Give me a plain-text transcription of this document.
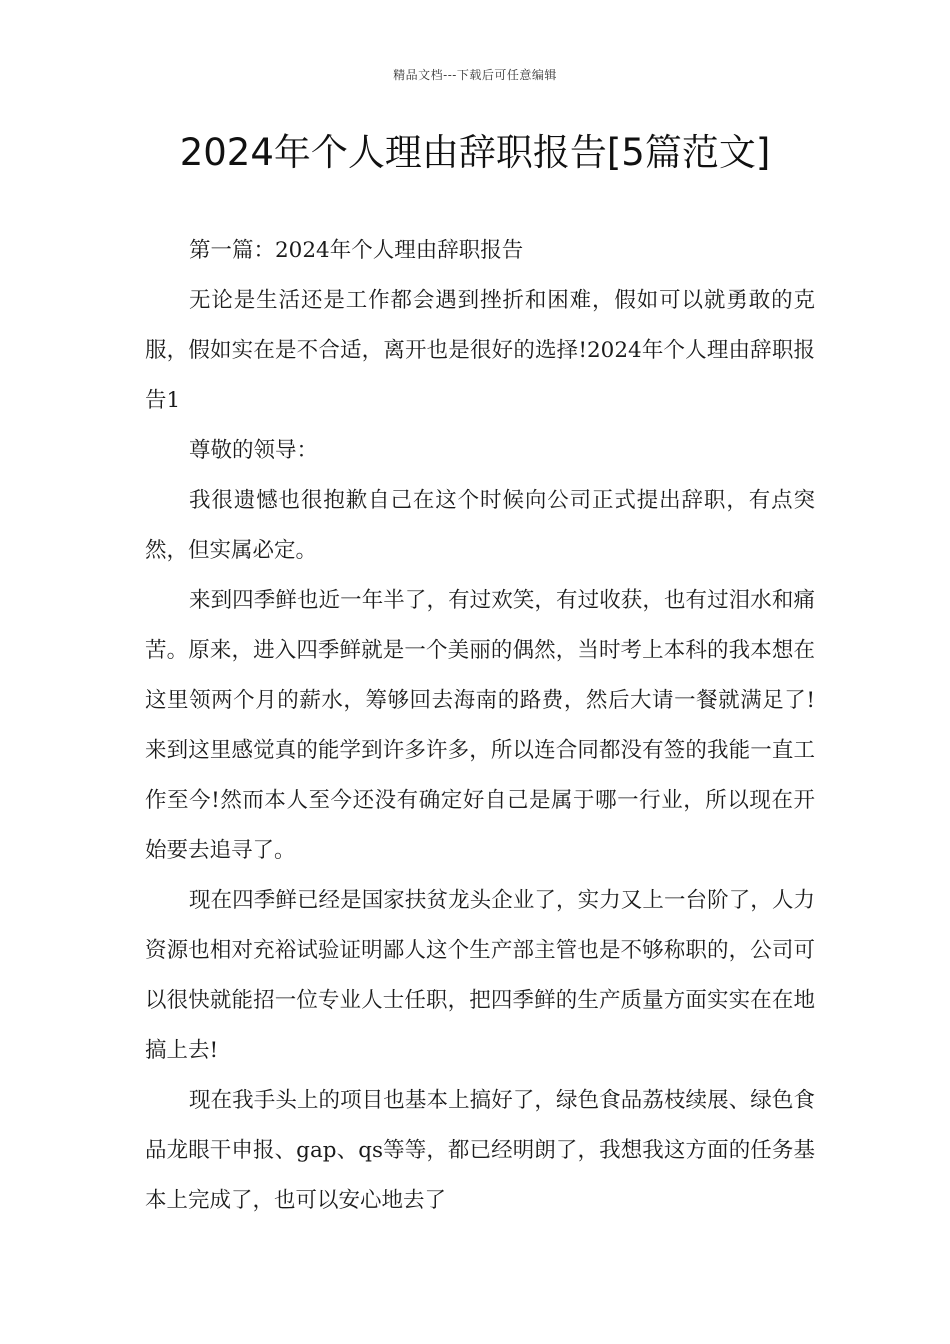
精品文档---下载后可任意编辑
2024年个人理由辞职报告[5篇范文]

第一篇：2024年个人理由辞职报告

无论是生活还是工作都会遇到挫折和困难，假如可以就勇敢的克服，假如实在是不合适，离开也是很好的选择!2024年个人理由辞职报告1

尊敬的领导：

我很遗憾也很抱歉自己在这个时候向公司正式提出辞职，有点突然，但实属必定。

来到四季鲜也近一年半了，有过欢笑，有过收获，也有过泪水和痛苦。原来，进入四季鲜就是一个美丽的偶然，当时考上本科的我本想在这里领两个月的薪水，筹够回去海南的路费，然后大请一餐就满足了!来到这里感觉真的能学到许多许多，所以连合同都没有签的我能一直工作至今!然而本人至今还没有确定好自己是属于哪一行业，所以现在开始要去追寻了。

现在四季鲜已经是国家扶贫龙头企业了，实力又上一台阶了，人力资源也相对充裕试验证明鄙人这个生产部主管也是不够称职的，公司可以很快就能招一位专业人士任职，把四季鲜的生产质量方面实实在在地搞上去!

现在我手头上的项目也基本上搞好了，绿色食品荔枝续展、绿色食品龙眼干申报、gap、qs等等，都已经明朗了，我想我这方面的任务基本上完成了，也可以安心地去了
